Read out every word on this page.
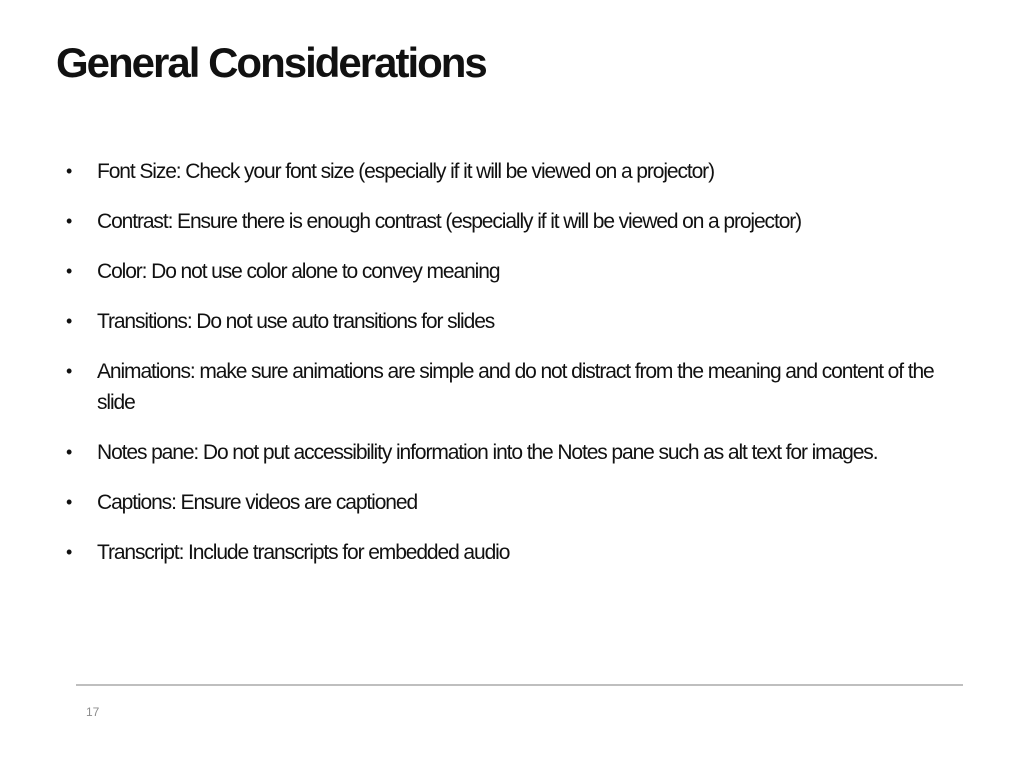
General Considerations
• Font Size: Check your font size (especially if it will be viewed on a projector)
• Contrast: Ensure there is enough contrast (especially if it will be viewed on a projector)
• Color: Do not use color alone to convey meaning
• Transitions: Do not use auto transitions for slides
• Animations: make sure animations are simple and do not distract from the meaning and content of the slide
• Notes pane: Do not put accessibility information into the Notes pane such as alt text for images.
• Captions: Ensure videos are captioned
• Transcript: Include transcripts for embedded audio
17
